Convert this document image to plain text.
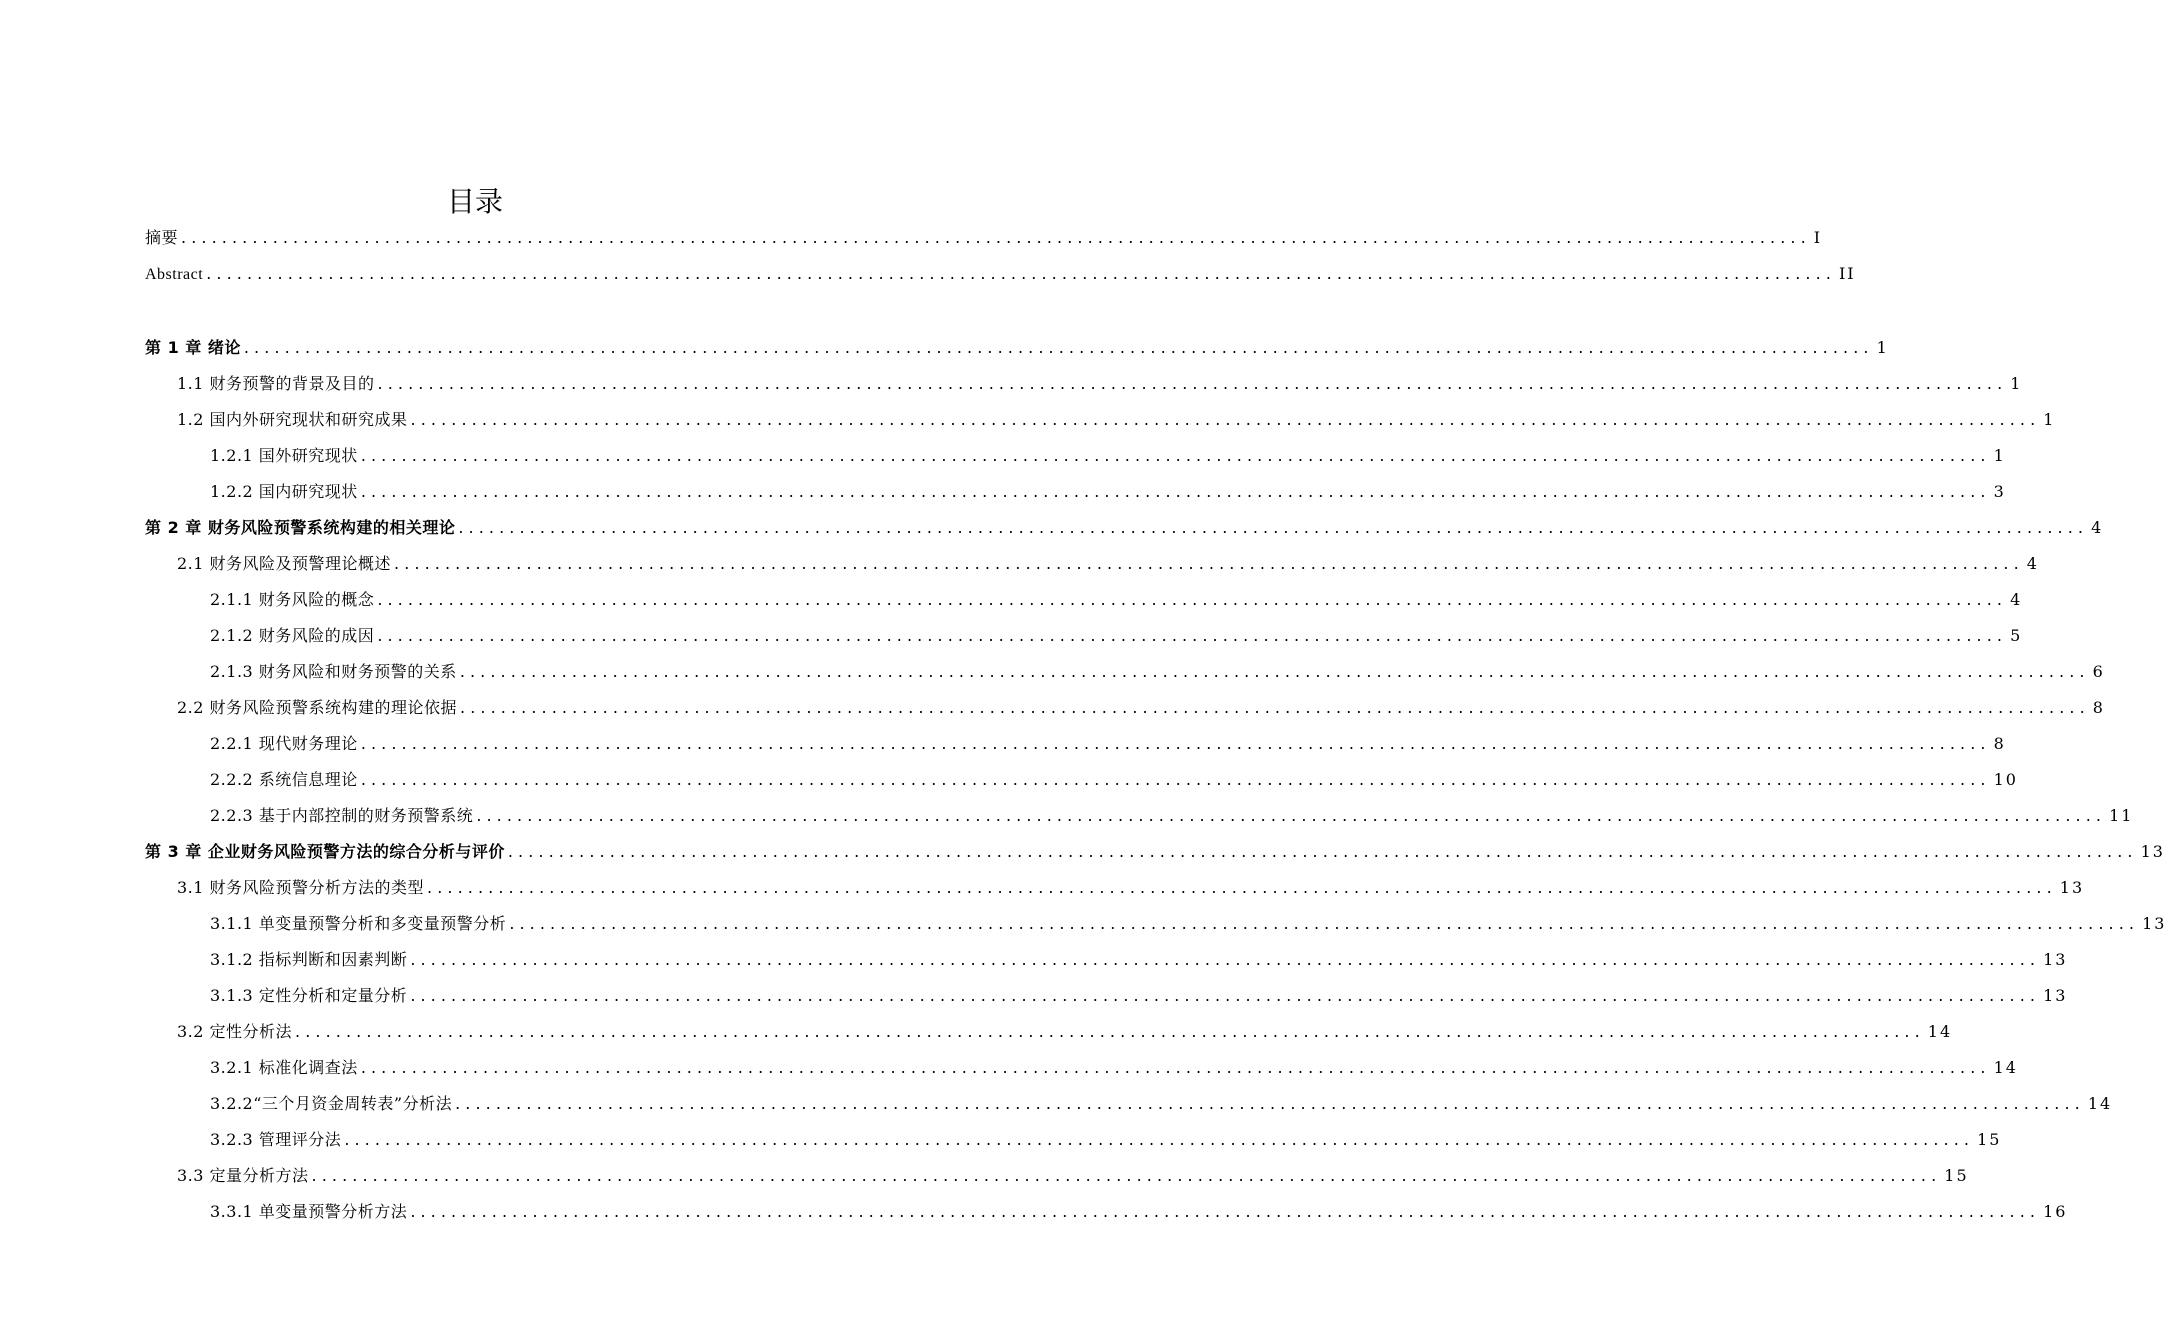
目录
摘要 ................................................................................................................................................................ I
Abstract ................................................................................................................................................................ II
第 1 章 绪论 ................................................................................................................................................................ 1
1.1 财务预警的背景及目的 ................................................................................................................................................................ 1
1.2 国内外研究现状和研究成果 ................................................................................................................................................................ 1
1.2.1 国外研究现状 ................................................................................................................................................................ 1
1.2.2 国内研究现状 ................................................................................................................................................................ 3
第 2 章 财务风险预警系统构建的相关理论 ................................................................................................................................................................ 4
2.1 财务风险及预警理论概述 ................................................................................................................................................................ 4
2.1.1 财务风险的概念 ................................................................................................................................................................ 4
2.1.2 财务风险的成因 ................................................................................................................................................................ 5
2.1.3 财务风险和财务预警的关系 ................................................................................................................................................................ 6
2.2 财务风险预警系统构建的理论依据 ................................................................................................................................................................ 8
2.2.1 现代财务理论 ................................................................................................................................................................ 8
2.2.2 系统信息理论 ................................................................................................................................................................ 10
2.2.3 基于内部控制的财务预警系统 ................................................................................................................................................................ 11
第 3 章 企业财务风险预警方法的综合分析与评价 ................................................................................................................................................................ 13
3.1 财务风险预警分析方法的类型 ................................................................................................................................................................ 13
3.1.1 单变量预警分析和多变量预警分析 ................................................................................................................................................................ 13
3.1.2 指标判断和因素判断 ................................................................................................................................................................ 13
3.1.3 定性分析和定量分析 ................................................................................................................................................................ 13
3.2 定性分析法 ................................................................................................................................................................ 14
3.2.1 标准化调查法 ................................................................................................................................................................ 14
3.2.2“三个月资金周转表”分析法 ................................................................................................................................................................ 14
3.2.3 管理评分法 ................................................................................................................................................................ 15
3.3 定量分析方法 ................................................................................................................................................................ 15
3.3.1 单变量预警分析方法 ................................................................................................................................................................ 16
